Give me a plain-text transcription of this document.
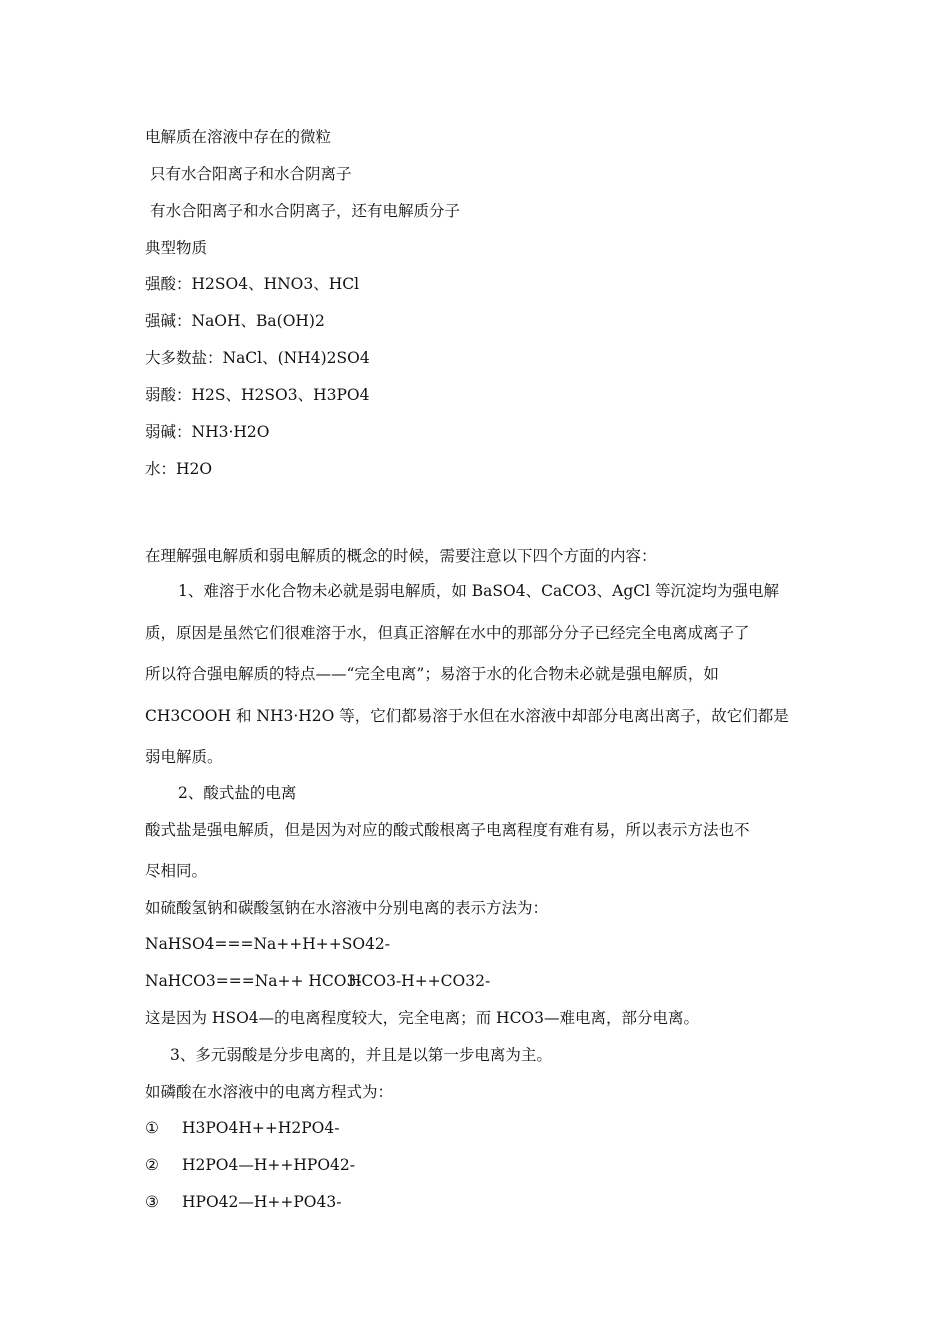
电解质在溶液中存在的微粒
只有水合阳离子和水合阴离子
有水合阳离子和水合阴离子，还有电解质分子
典型物质
强酸：H2SO4、HNO3、HCl
强碱：NaOH、Ba(OH)2
大多数盐：NaCl、(NH4)2SO4
弱酸：H2S、H2SO3、H3PO4
弱碱：NH3·H2O
水：H2O
在理解强电解质和弱电解质的概念的时候，需要注意以下四个方面的内容：
1、难溶于水化合物未必就是弱电解质，如 BaSO4、CaCO3、AgCl 等沉淀均为强电解
质，原因是虽然它们很难溶于水，但真正溶解在水中的那部分分子已经完全电离成离子了
所以符合强电解质的特点——“完全电离”；易溶于水的化合物未必就是强电解质，如
CH3COOH 和 NH3·H2O 等，它们都易溶于水但在水溶液中却部分电离出离子，故它们都是
弱电解质。
2、酸式盐的电离
酸式盐是强电解质，但是因为对应的酸式酸根离子电离程度有难有易，所以表示方法也不
尽相同。
如硫酸氢钠和碳酸氢钠在水溶液中分别电离的表示方法为：
NaHSO4===Na++H++SO42-
NaHCO3===Na++ HCO3-HCO3-H++CO32-
这是因为 HSO4—的电离程度较大，完全电离；而 HCO3—难电离，部分电离。
3、多元弱酸是分步电离的，并且是以第一步电离为主。
如磷酸在水溶液中的电离方程式为：
① H3PO4H++H2PO4-
② H2PO4—H++HPO42-
③ HPO42—H++PO43-
